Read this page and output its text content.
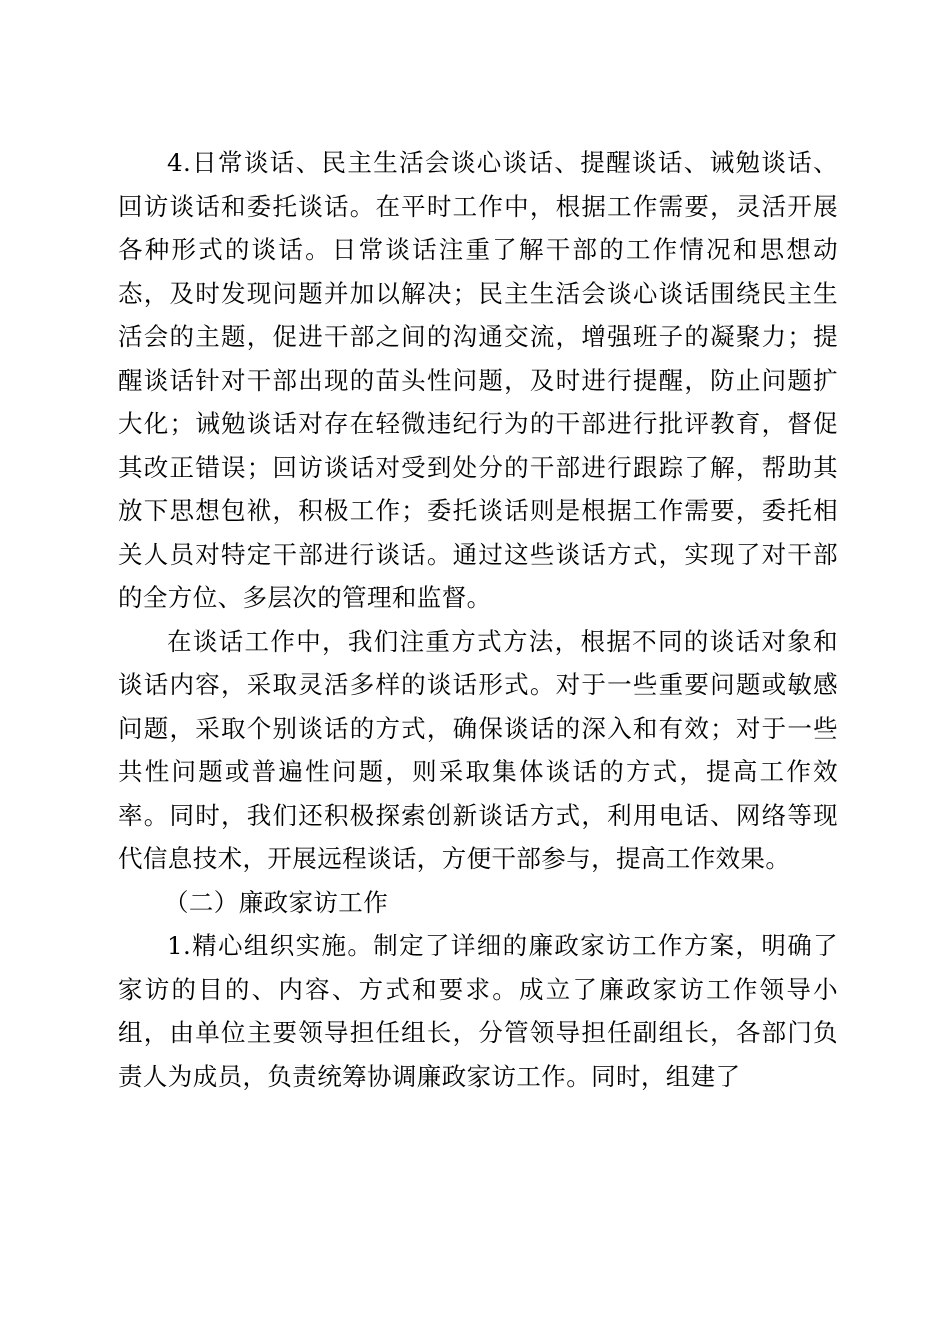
4.日常谈话、民主生活会谈心谈话、提醒谈话、诫勉谈话、回访谈话和委托谈话。在平时工作中，根据工作需要，灵活开展各种形式的谈话。日常谈话注重了解干部的工作情况和思想动态，及时发现问题并加以解决；民主生活会谈心谈话围绕民主生活会的主题，促进干部之间的沟通交流，增强班子的凝聚力；提醒谈话针对干部出现的苗头性问题，及时进行提醒，防止问题扩大化；诫勉谈话对存在轻微违纪行为的干部进行批评教育，督促其改正错误；回访谈话对受到处分的干部进行跟踪了解，帮助其放下思想包袱，积极工作；委托谈话则是根据工作需要，委托相关人员对特定干部进行谈话。通过这些谈话方式，实现了对干部的全方位、多层次的管理和监督。

在谈话工作中，我们注重方式方法，根据不同的谈话对象和谈话内容，采取灵活多样的谈话形式。对于一些重要问题或敏感问题，采取个别谈话的方式，确保谈话的深入和有效；对于一些共性问题或普遍性问题，则采取集体谈话的方式，提高工作效率。同时，我们还积极探索创新谈话方式，利用电话、网络等现代信息技术，开展远程谈话，方便干部参与，提高工作效果。

（二）廉政家访工作

1.精心组织实施。制定了详细的廉政家访工作方案，明确了家访的目的、内容、方式和要求。成立了廉政家访工作领导小组，由单位主要领导担任组长，分管领导担任副组长，各部门负责人为成员，负责统筹协调廉政家访工作。同时，组建了
